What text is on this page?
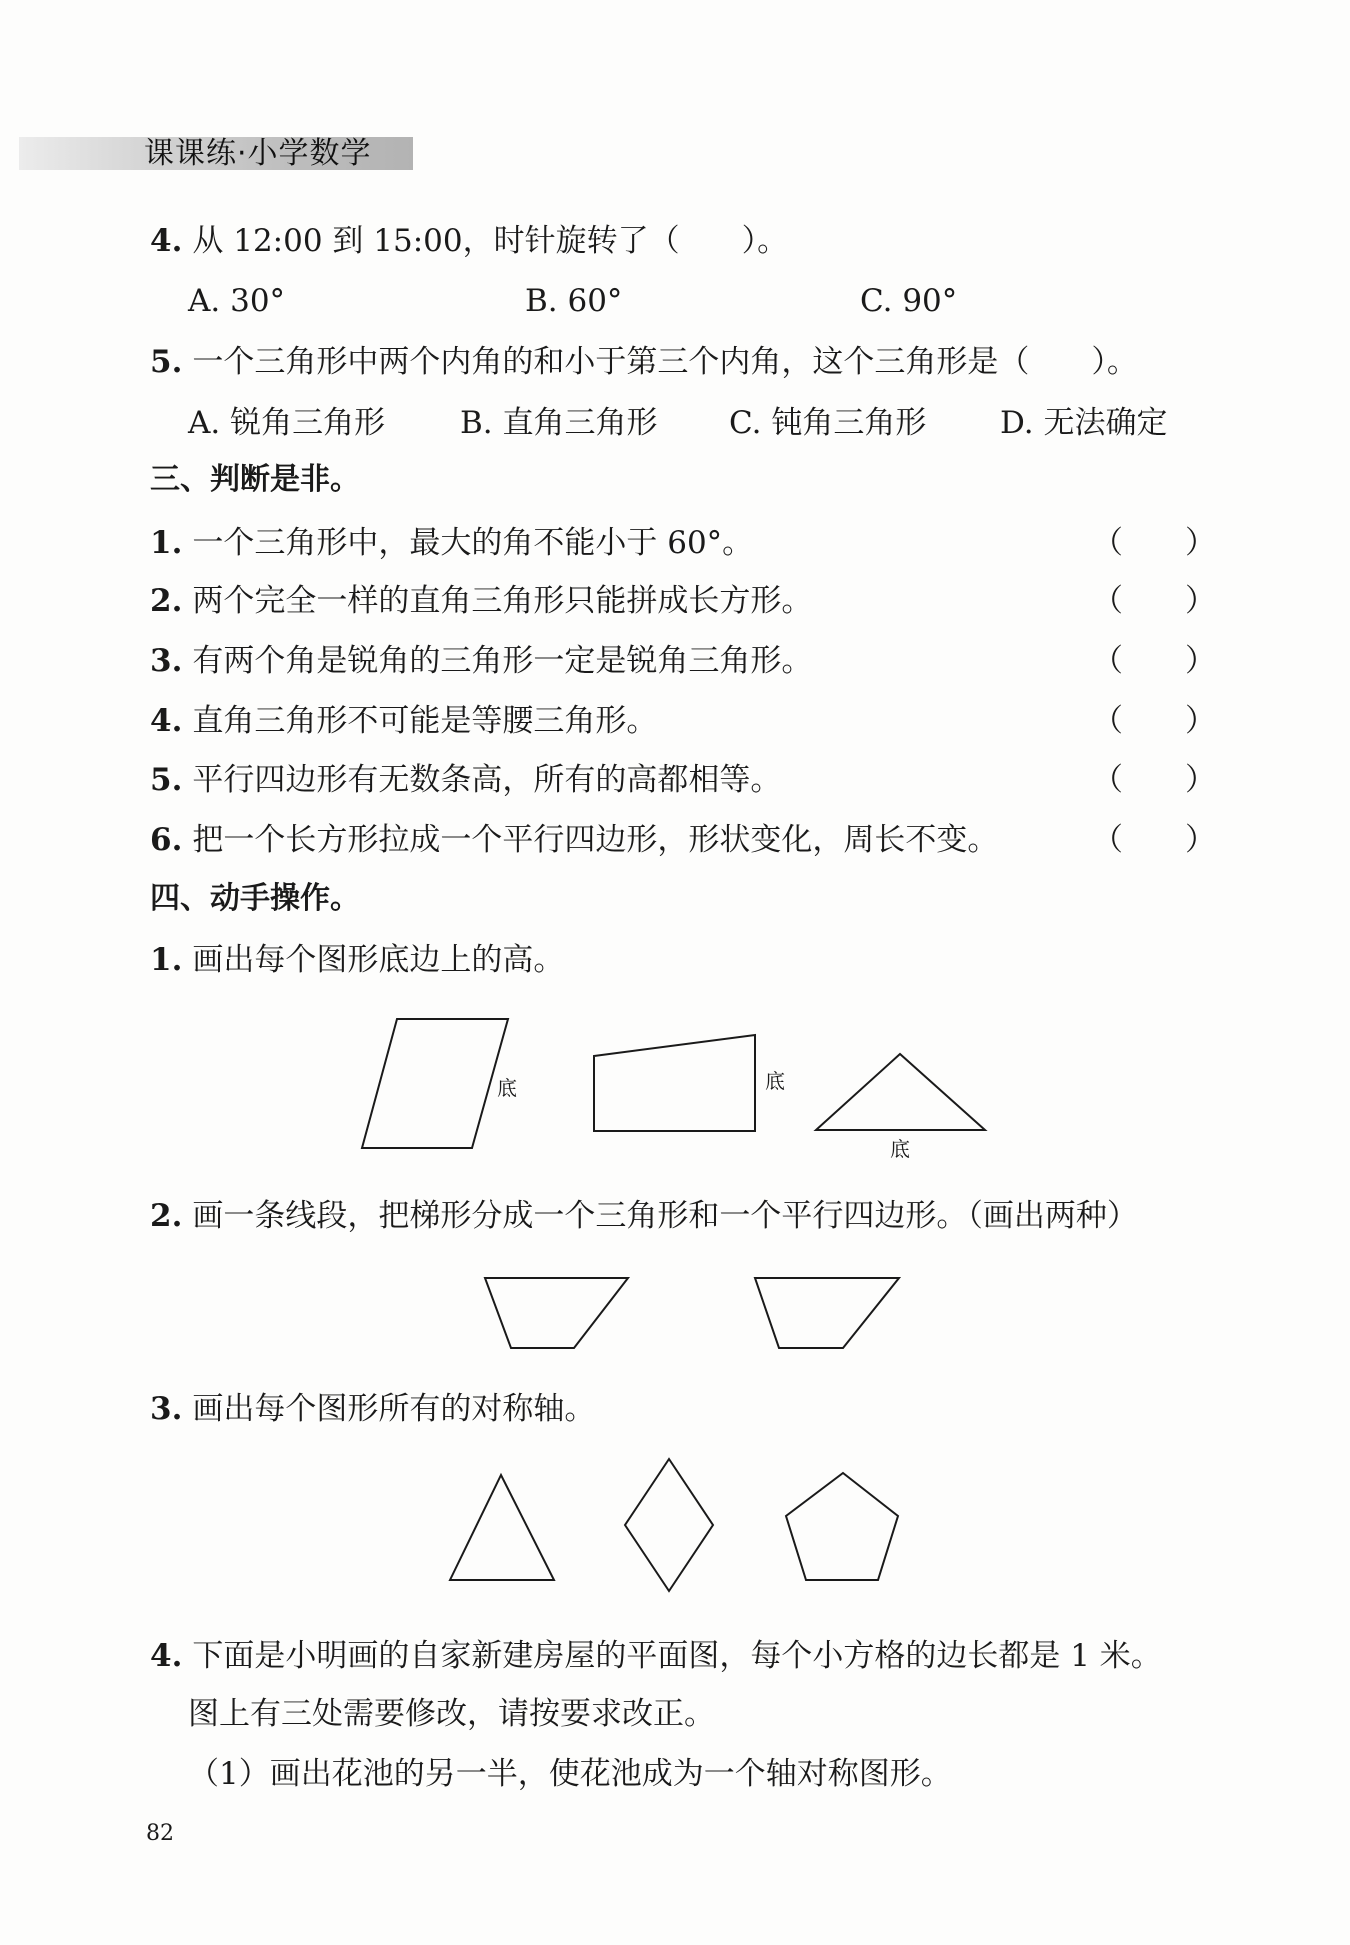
课课练·小学数学
4. 从 12:00 到 15:00，时针旋转了（　　）。
A. 30°	B. 60°	C. 90°
5. 一个三角形中两个内角的和小于第三个内角，这个三角形是（　　）。
A. 锐角三角形 B. 直角三角形 C. 钝角三角形 D. 无法确定
三、判断是非。
1. 一个三角形中，最大的角不能小于 60°。	（　　）
2. 两个完全一样的直角三角形只能拼成长方形。	（　　）
3. 有两个角是锐角的三角形一定是锐角三角形。	（　　）
4. 直角三角形不可能是等腰三角形。	（　　）
5. 平行四边形有无数条高，所有的高都相等。	（　　）
6. 把一个长方形拉成一个平行四边形，形状变化，周长不变。	（　　）
四、动手操作。
1. 画出每个图形底边上的高。
2. 画一条线段，把梯形分成一个三角形和一个平行四边形。（画出两种）
3. 画出每个图形所有的对称轴。
4. 下面是小明画的自家新建房屋的平面图，每个小方格的边长都是 1 米。
图上有三处需要修改，请按要求改正。
（1）画出花池的另一半，使花池成为一个轴对称图形。
底	底
底
82
